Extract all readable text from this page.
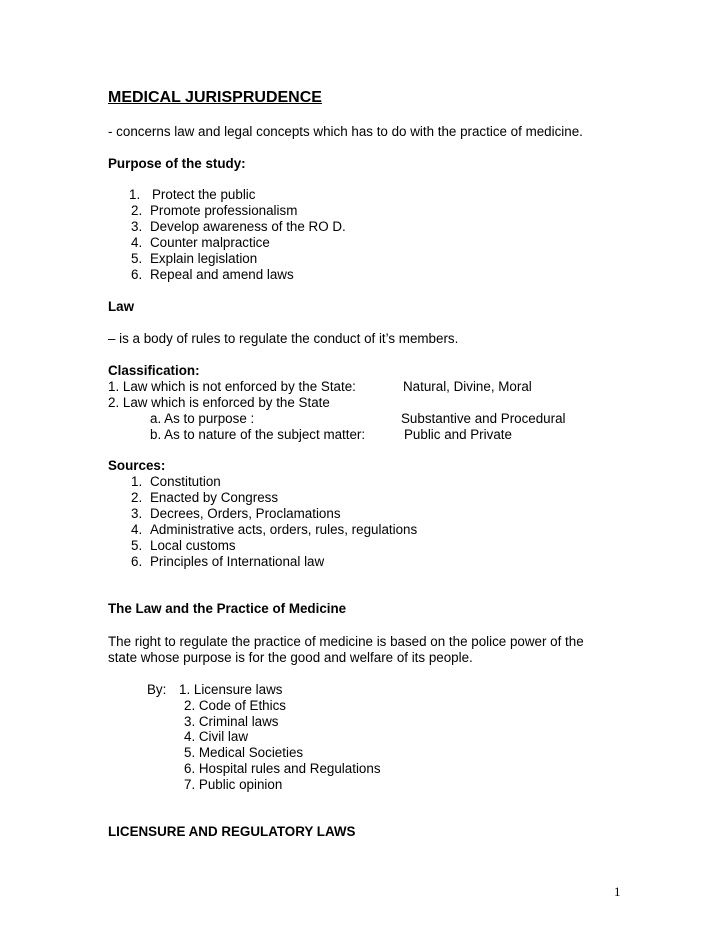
MEDICAL JURISPRUDENCE
- concerns law and legal concepts which has to do with the practice of medicine.
Purpose of the study:
1. Protect the public
2. Promote professionalism
3. Develop awareness of the RO D.
4. Counter malpractice
5. Explain legislation
6. Repeal and amend laws
Law
– is a body of rules to regulate the conduct of it’s members.
Classification:
1. Law which is not enforced by the State:	Natural, Divine, Moral
2. Law which is enforced by the State
a. As to purpose :	Substantive and Procedural
b. As to nature of the subject matter:	Public and Private
Sources:
1. Constitution
2. Enacted by Congress
3. Decrees, Orders, Proclamations
4. Administrative acts, orders, rules, regulations
5. Local customs
6. Principles of International law
The Law and the Practice of Medicine
The right to regulate the practice of medicine is based on the police power of the
state whose purpose is for the good and welfare of its people.
By: 1. Licensure laws
2. Code of Ethics
3. Criminal laws
4. Civil law
5. Medical Societies
6. Hospital rules and Regulations
7. Public opinion
LICENSURE AND REGULATORY LAWS
1
